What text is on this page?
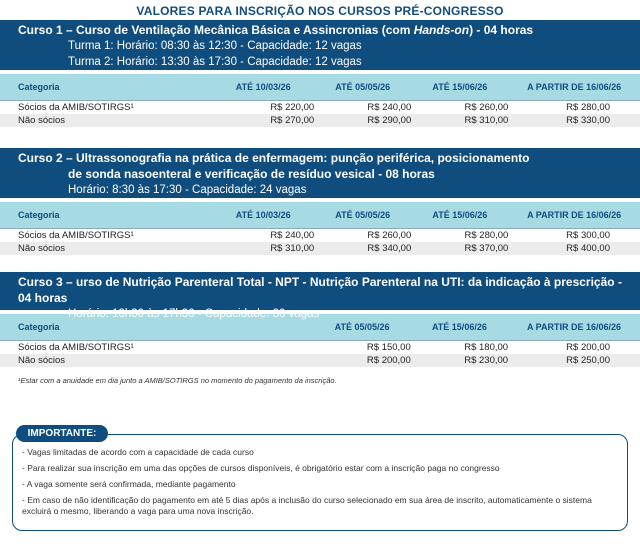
VALORES PARA INSCRIÇÃO NOS CURSOS PRÉ-CONGRESSO
Curso 1 – Curso de Ventilação Mecânica Básica e Assincronias (com Hands-on) - 04 horas
Turma 1: Horário: 08:30 às 12:30 - Capacidade: 12 vagas
Turma 2: Horário: 13:30 às 17:30 - Capacidade: 12 vagas
Categoria	ATÉ 10/03/26	ATÉ 05/05/26	ATÉ 15/06/26	A PARTIR DE 16/06/26
Sócios da AMIB/SOTIRGS¹	R$ 220,00	R$ 240,00	R$ 260,00	R$ 280,00
Não sócios	R$ 270,00	R$ 290,00	R$ 310,00	R$ 330,00
Curso 2 – Ultrassonografia na prática de enfermagem: punção periférica, posicionamento
de sonda nasoenteral e verificação de resíduo vesical - 08 horas
Horário: 8:30 às 17:30 - Capacidade: 24 vagas
Categoria	ATÉ 10/03/26	ATÉ 05/05/26	ATÉ 15/06/26	A PARTIR DE 16/06/26
Sócios da AMIB/SOTIRGS¹	R$ 240,00	R$ 260,00	R$ 280,00	R$ 300,00
Não sócios	R$ 310,00	R$ 340,00	R$ 370,00	R$ 400,00
Curso 3 – urso de Nutrição Parenteral Total - NPT - Nutrição Parenteral na UTI: da indicação à prescrição - 04 horas
Horário: 13h30 às 17h30 - Capacidade: 30 vagas
Categoria		ATÉ 05/05/26	ATÉ 15/06/26	A PARTIR DE 16/06/26
Sócios da AMIB/SOTIRGS¹		R$ 150,00	R$ 180,00	R$ 200,00
Não sócios		R$ 200,00	R$ 230,00	R$ 250,00
¹Estar com a anuidade em dia junto a AMIB/SOTIRGS no momento do pagamento da inscrição.
IMPORTANTE:
- Vagas limitadas de acordo com a capacidade de cada curso
- Para realizar sua inscrição em uma das opções de cursos disponíveis, é obrigatório estar com a inscrição paga no congresso
- A vaga somente será confirmada, mediante pagamento
- Em caso de não identificação do pagamento em até 5 dias após a inclusão do curso selecionado em sua área de inscrito, automaticamente o sistema excluirá o mesmo, liberando a vaga para uma nova inscrição.
